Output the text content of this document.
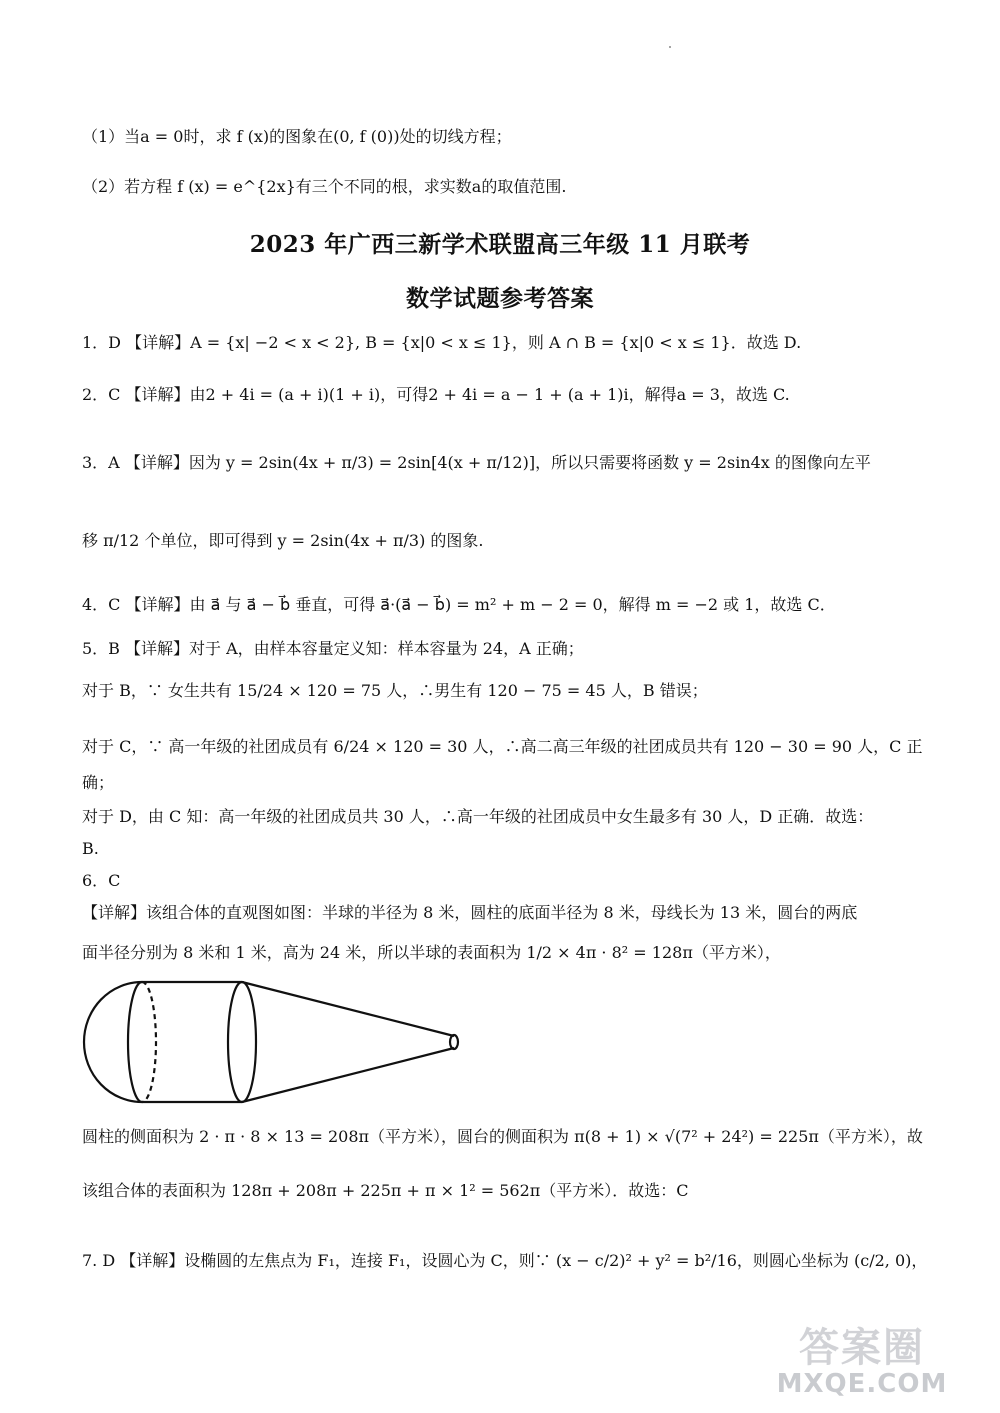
（1）当a = 0时，求 f (x)的图象在(0, f (0))处的切线方程；
（2）若方程 f (x) = e^{2x}有三个不同的根，求实数a的取值范围.
2023 年广西三新学术联盟高三年级 11 月联考
数学试题参考答案
1．D 【详解】A = {x| −2 < x < 2}, B = {x|0 < x ≤ 1}，则 A ∩ B = {x|0 < x ≤ 1}．故选 D.
2．C 【详解】由2 + 4i = (a + i)(1 + i)，可得2 + 4i = a − 1 + (a + 1)i，解得a = 3，故选 C.
3．A 【详解】因为 y = 2sin(4x + π/3) = 2sin[4(x + π/12)]，所以只需要将函数 y = 2sin4x 的图像向左平
移 π/12 个单位，即可得到 y = 2sin(4x + π/3) 的图象.
4．C 【详解】由 a⃗ 与 a⃗ − b⃗ 垂直，可得 a⃗·(a⃗ − b⃗) = m² + m − 2 = 0，解得 m = −2 或 1，故选 C．
5．B 【详解】对于 A，由样本容量定义知：样本容量为 24，A 正确；
对于 B，∵ 女生共有 15/24 × 120 = 75 人，∴男生有 120 − 75 = 45 人，B 错误；
对于 C，∵ 高一年级的社团成员有 6/24 × 120 = 30 人，∴高二高三年级的社团成员共有 120 − 30 = 90 人，C 正
确；
对于 D，由 C 知：高一年级的社团成员共 30 人，∴高一年级的社团成员中女生最多有 30 人，D 正确．故选：
B.
6．C
【详解】该组合体的直观图如图：半球的半径为 8 米，圆柱的底面半径为 8 米，母线长为 13 米，圆台的两底
面半径分别为 8 米和 1 米，高为 24 米，所以半球的表面积为 1/2 × 4π · 8² = 128π（平方米），
圆柱的侧面积为 2 · π · 8 × 13 = 208π（平方米），圆台的侧面积为 π(8 + 1) × √(7² + 24²) = 225π（平方米），故
该组合体的表面积为 128π + 208π + 225π + π × 1² = 562π（平方米）．故选：C
7. D 【详解】设椭圆的左焦点为 F₁，连接 F₁，设圆心为 C，则∵ (x − c/2)² + y² = b²/16，则圆心坐标为 (c/2, 0)，
答案圈
MXQE.COM
